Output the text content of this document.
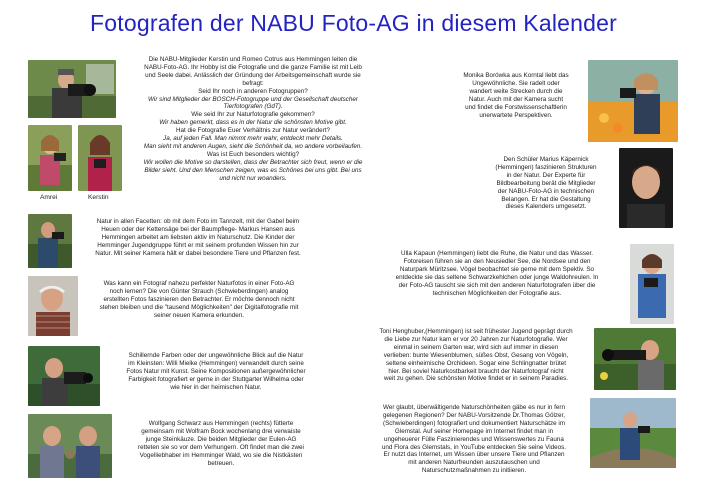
Fotografen der NABU Foto-AG in diesem Kalender
Amrei	Kerstin
Die NABU-Mitglieder Kerstin und Romeo Cotrus aus Hemmingen leiten die
NABU-Foto-AG. Ihr Hobby ist die Fotografie und die ganze Familie ist mit Leib
und Seele dabei. Anlässlich der Gründung der Arbeitsgemeinschaft wurde sie
befragt:
Seid Ihr noch in anderen Fotogruppen?
Wir sind Mitglieder der BOSCH-Fotogruppe und der Gesellschaft deutscher
Tierfotografen (GdT).
Wie seid Ihr zur Naturfotografie gekommen?
Wir haben gemerkt, dass es in der Natur die schönsten Motive gibt.
Hat die Fotografie Euer Verhältnis zur Natur verändert?
Ja, auf jeden Fall. Man nimmt mehr wahr, entdeckt mehr Details.
Man sieht mit anderen Augen, sieht die Schönheit da, wo andere vorbeilaufen.
Was ist Euch besonders wichtig?
Wir wollen die Motive so darstellen, dass der Betrachter sich freut, wenn er die
Bilder sieht. Und den Menschen zeigen, was es Schönes bei uns gibt. Bei uns
und nicht nur woanders.
Natur in allen Facetten: ob mit dem Foto im Tannzelt, mit der Gabel beim
Heuen oder der Kettensäge bei der Baumpflege- Markus Hansen aus
Hemmingen arbeitet am liebsten aktiv im Naturschutz. Die Kinder der
Hemminger Jugendgruppe führt er mit seinem profunden Wissen hin zur
Natur. Mit seiner Kamera hält er dabei besondere Tiere und Pflanzen fest.
Was kann ein Fotograf nahezu perfekter Naturfotos in einer Foto-AG
noch lernen? Die von Günter Strauch (Schwieberdingen) analog
erstellten Fotos faszinieren den Betrachter. Er möchte dennoch nicht
stehen bleiben und die "tausend Möglichkeiten" der Digitalfotografie mit
seiner neuen Kamera erkunden.
Schillernde Farben oder der ungewöhnliche Blick auf die Natur
im Kleinsten: Willi Mielke (Hemmingen) verwandelt durch seine
Fotos Natur mit Kunst. Seine Kompositionen außergewöhnlicher
Farbigkeit fotografiert er gerne in der Stuttgarter Wilhelma oder
wie hier in der heimischen Natur.
Wolfgang Schwarz aus Hemmingen (rechts) fütterte
gemeinsam mit Wolfram Bock wochenlang drei verwaiste
junge Steinkäuze. Die beiden Mitglieder der Eulen-AG
retteten sie so vor dem Verhungern. Oft findet man die zwei
Vogelliebhaber im Hemminger Wald, wo sie die Nistkästen
betreuen.
Monika Borówka aus Korntal liebt das
Ungewöhnliche. Sie radelt oder
wandert weite Strecken durch die
Natur. Auch mit der Kamera sucht
und findet die Forstwissenschaftlerin
unerwartete Perspektiven.
Den Schüler Marius Käpernick
(Hemmingen) faszinieren Strukturen
in der Natur. Der Experte für
Bildbearbeitung berät die Mitglieder
der NABU-Foto-AG in technischen
Belangen. Er hat die Gestaltung
dieses Kalenders umgesetzt.
Ulla Kapaun (Hemmingen) liebt die Ruhe, die Natur und das Wasser.
Fotoreisen führen sie an den Neusiedler See, die Nordsee und den
Naturpark Müritzsee. Vögel beobachtet sie gerne mit dem Spektiv. So
entdeckte sie das seltene Schwarzkehlchen oder junge Waldohreulen. In
der Foto-AG tauscht sie sich mit den anderen Naturfotografen über die
technischen Möglichkeiten der Fotografie aus.
Toni Henghuber,(Hemmingen) ist seit frühester Jugend geprägt durch
die Liebe zur Natur kam er vor 20 Jahren zur Naturfotografie. Wer
einmal in seinem Garten war, wird sich auf immer in diesen
verlieben: bunte Wiesenblumen, süßes Obst, Gesang von Vögeln,
seltene einheimische Orchideen. Sogar eine Schlingnatter brütet
hier. Bei soviel Naturkostbarkeit braucht der Naturfotograf nicht
weit zu gehen. Die schönsten Motive findet er in seinem Paradies.
Wer glaubt, überwältigende Naturschönheiten gäbe es nur in fern
gelegenen Regionen? Der NABU-Vorsitzende Dr.Thomas Gölzer,
(Schwieberdingen) fotografiert und dokumentiert Naturschätze im
Glemstal. Auf seiner Homepage im Internet findet man in
ungeheuerer Fülle Faszinierendes und Wissenswertes zu Fauna
und Flora des Glemstals, in YouTube entdecken Sie seine Videos.
Er nutzt das Internet, um Wissen über unsere Tiere und Pflanzen
mit anderen Naturfreunden auszutauschen und
Naturschutzmaßnahmen zu initiieren.
